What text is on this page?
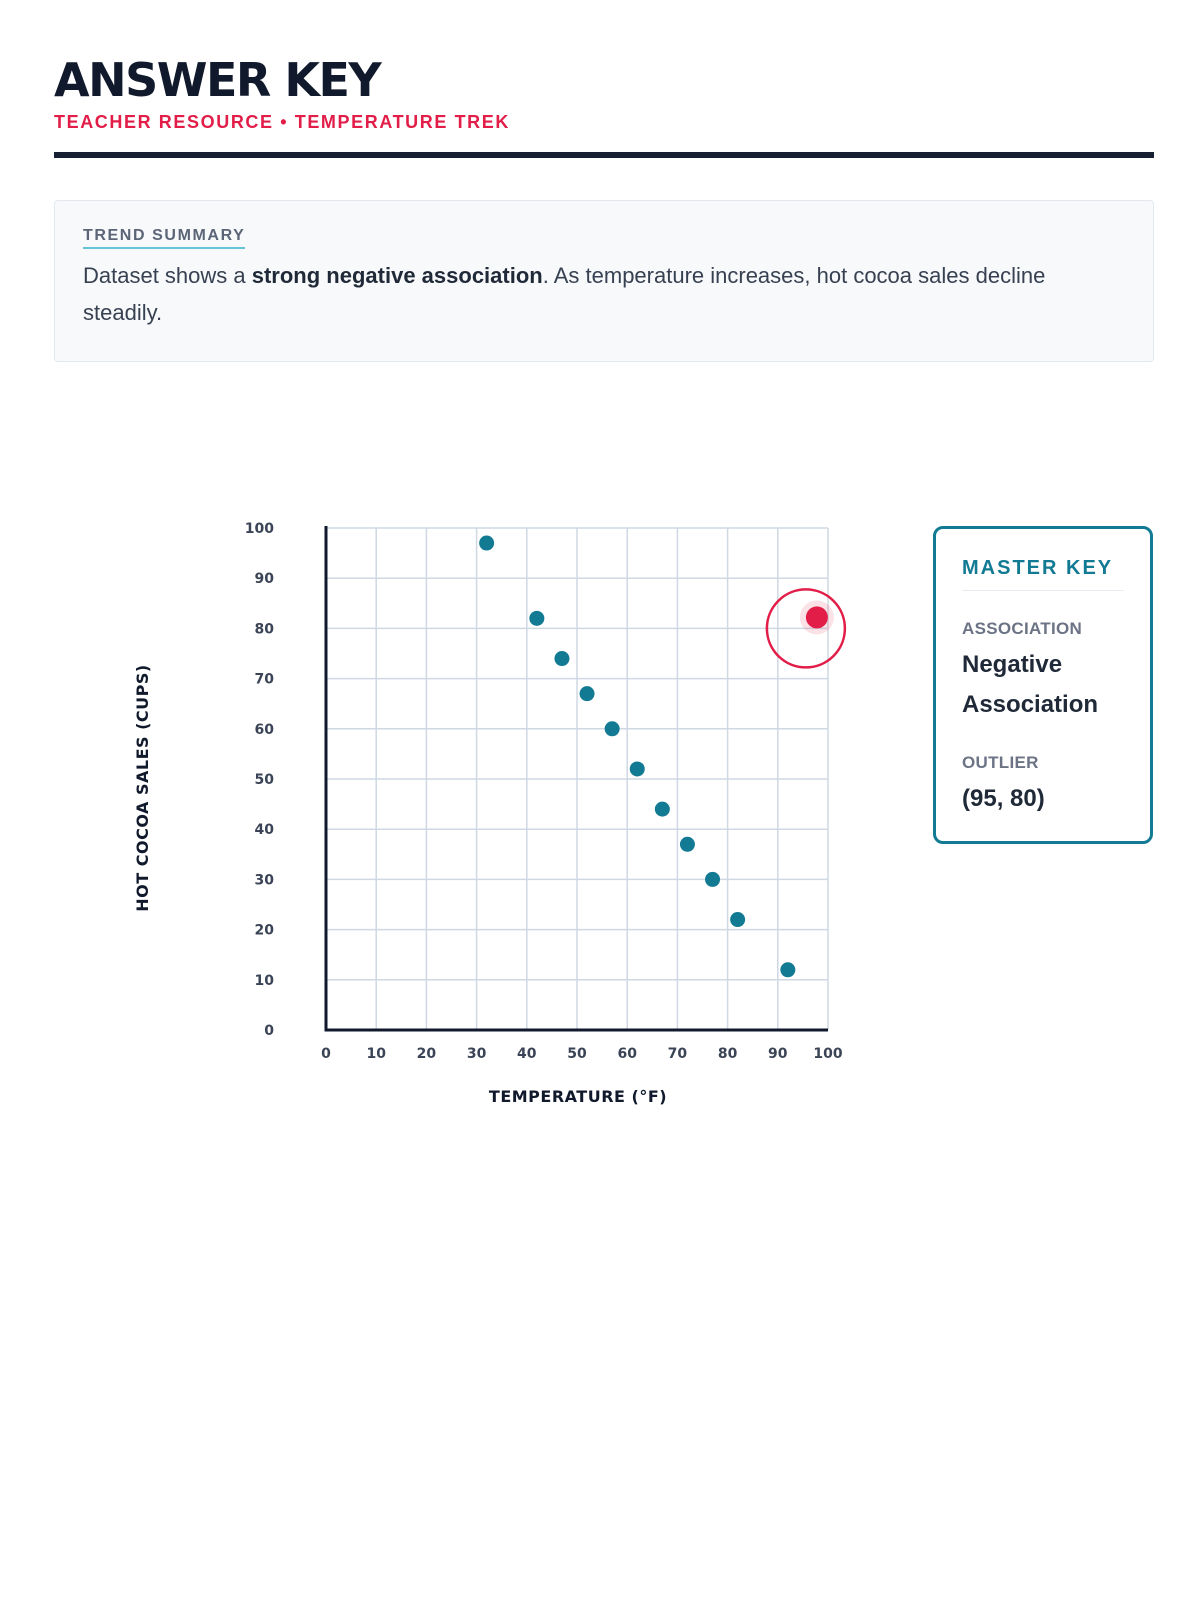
ANSWER KEY
TEACHER RESOURCE • TEMPERATURE TREK
TREND SUMMARY
Dataset shows a strong negative association. As temperature increases, hot cocoa sales decline steadily.
0	10 20 30 40 50 60 70 80 90 100
0
10
20
30
40
50
60
70
80
90
100
TEMPERATURE (°F)
HOT COCOA SALES (CUPS)
MASTER KEY
ASSOCIATION
Negative Association
OUTLIER
(95, 80)
